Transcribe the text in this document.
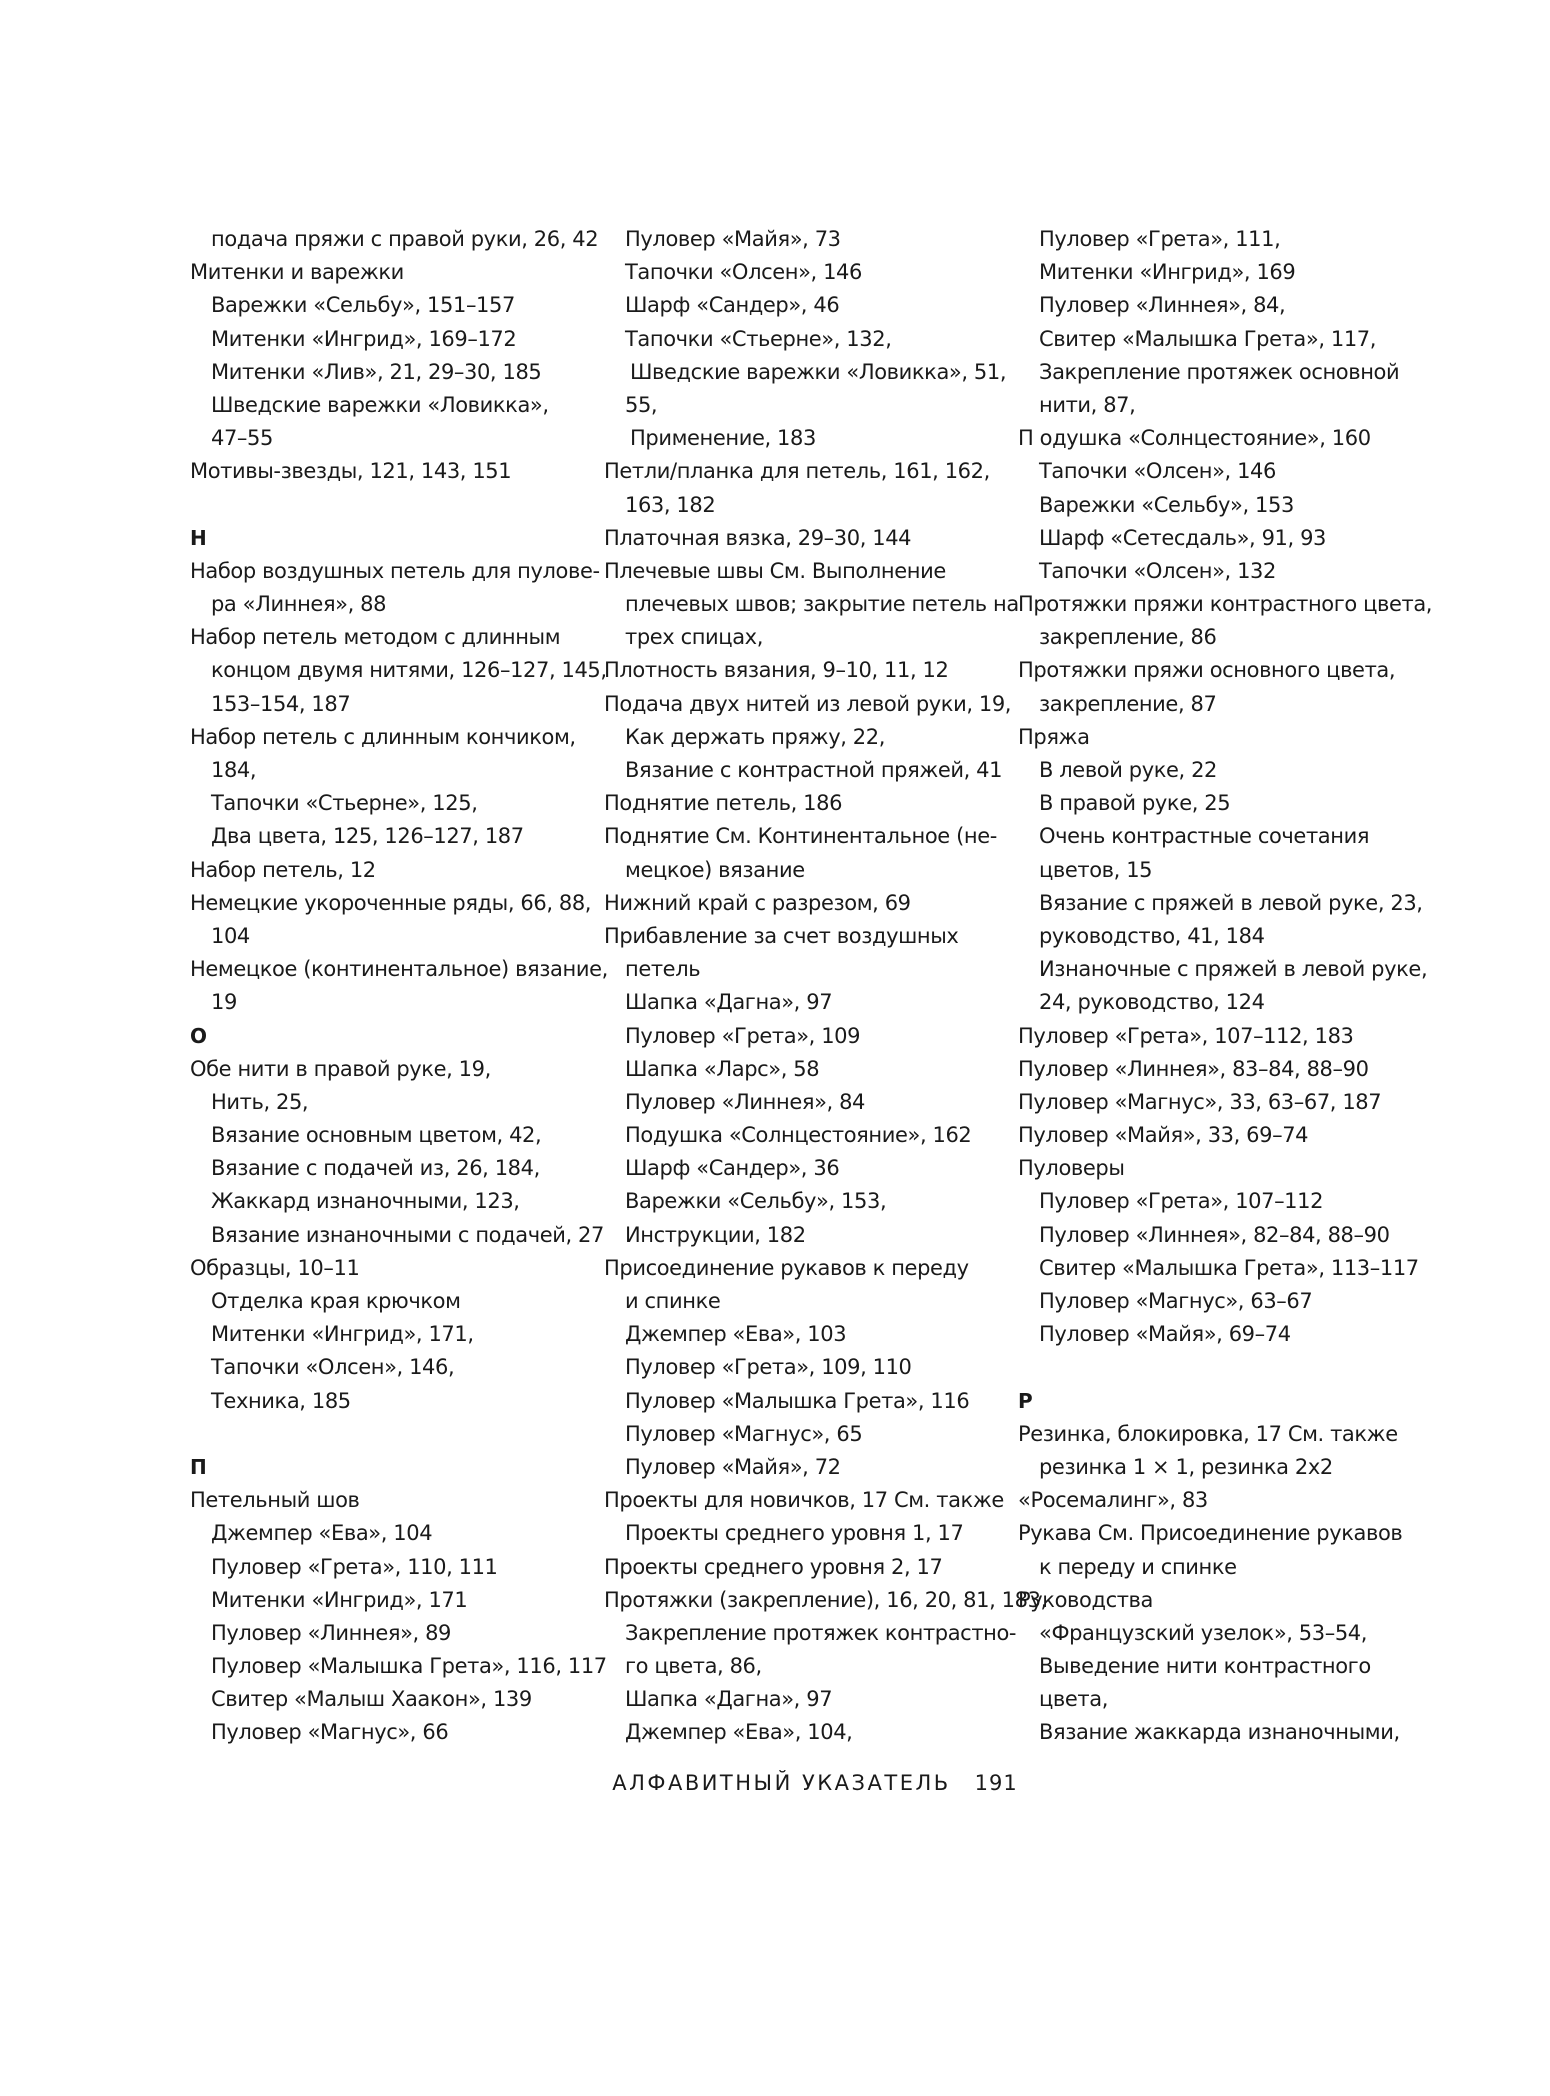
подача пряжи с правой руки, 26, 42
Митенки и варежки
Варежки «Сельбу», 151–157
Митенки «Ингрид», 169–172
Митенки «Лив», 21, 29–30, 185
Шведские варежки «Ловикка»,
47–55
Мотивы-звезды, 121, 143, 151
Н
Набор воздушных петель для пулове-
ра «Линнея», 88
Набор петель методом с длинным
концом двумя нитями, 126–127, 145,
153–154, 187
Набор петель с длинным кончиком,
184,
Тапочки «Стьерне», 125,
Два цвета, 125, 126–127, 187
Набор петель, 12
Немецкие укороченные ряды, 66, 88,
104
Немецкое (континентальное) вязание,
19
О
Обе нити в правой руке, 19,
Нить, 25,
Вязание основным цветом, 42,
Вязание с подачей из, 26, 184,
Жаккард изнаночными, 123,
Вязание изнаночными с подачей, 27
Образцы, 10–11
Отделка края крючком
Митенки «Ингрид», 171,
Тапочки «Олсен», 146,
Техника, 185
П
Петельный шов
Джемпер «Ева», 104
Пуловер «Грета», 110, 111
Митенки «Ингрид», 171
Пуловер «Линнея», 89
Пуловер «Малышка Грета», 116, 117
Свитер «Малыш Хаакон», 139
Пуловер «Магнус», 66
Пуловер «Майя», 73
Тапочки «Олсен», 146
Шарф «Сандер», 46
Тапочки «Стьерне», 132,
Шведские варежки «Ловикка», 51,
55,
Применение, 183
Петли/планка для петель, 161, 162,
163, 182
Платочная вязка, 29–30, 144
Плечевые швы См. Выполнение
плечевых швов; закрытие петель на
трех спицах,
Плотность вязания, 9–10, 11, 12
Подача двух нитей из левой руки, 19,
Как держать пряжу, 22,
Вязание с контрастной пряжей, 41
Поднятие петель, 186
Поднятие См. Континентальное (не-
мецкое) вязание
Нижний край с разрезом, 69
Прибавление за счет воздушных
петель
Шапка «Дагна», 97
Пуловер «Грета», 109
Шапка «Ларс», 58
Пуловер «Линнея», 84
Подушка «Солнцестояние», 162
Шарф «Сандер», 36
Варежки «Сельбу», 153,
Инструкции, 182
Присоединение рукавов к переду
и спинке
Джемпер «Ева», 103
Пуловер «Грета», 109, 110
Пуловер «Малышка Грета», 116
Пуловер «Магнус», 65
Пуловер «Майя», 72
Проекты для новичков, 17 См. также
Проекты среднего уровня 1, 17
Проекты среднего уровня 2, 17
Протяжки (закрепление), 16, 20, 81, 183,
Закрепление протяжек контрастно-
го цвета, 86,
Шапка «Дагна», 97
Джемпер «Ева», 104,
Пуловер «Грета», 111,
Митенки «Ингрид», 169
Пуловер «Линнея», 84,
Свитер «Малышка Грета», 117,
Закрепление протяжек основной
нити, 87,
П одушка «Солнцестояние», 160
Тапочки «Олсен», 146
Варежки «Сельбу», 153
Шарф «Сетесдаль», 91, 93
Тапочки «Олсен», 132
Протяжки пряжи контрастного цвета,
закрепление, 86
Протяжки пряжи основного цвета,
закрепление, 87
Пряжа
В левой руке, 22
В правой руке, 25
Очень контрастные сочетания
цветов, 15
Вязание с пряжей в левой руке, 23,
руководство, 41, 184
Изнаночные с пряжей в левой руке,
24, руководство, 124
Пуловер «Грета», 107–112, 183
Пуловер «Линнея», 83–84, 88–90
Пуловер «Магнус», 33, 63–67, 187
Пуловер «Майя», 33, 69–74
Пуловеры
Пуловер «Грета», 107–112
Пуловер «Линнея», 82–84, 88–90
Свитер «Малышка Грета», 113–117
Пуловер «Магнус», 63–67
Пуловер «Майя», 69–74
Р
Резинка, блокировка, 17 См. также
резинка 1 × 1, резинка 2х2
«Росемалинг», 83
Рукава См. Присоединение рукавов
к переду и спинке
Руководства
«Французский узелок», 53–54,
Выведение нити контрастного
цвета,
Вязание жаккарда изнаночными,
АЛФАВИТНЫЙ УКАЗАТЕЛЬ 191
